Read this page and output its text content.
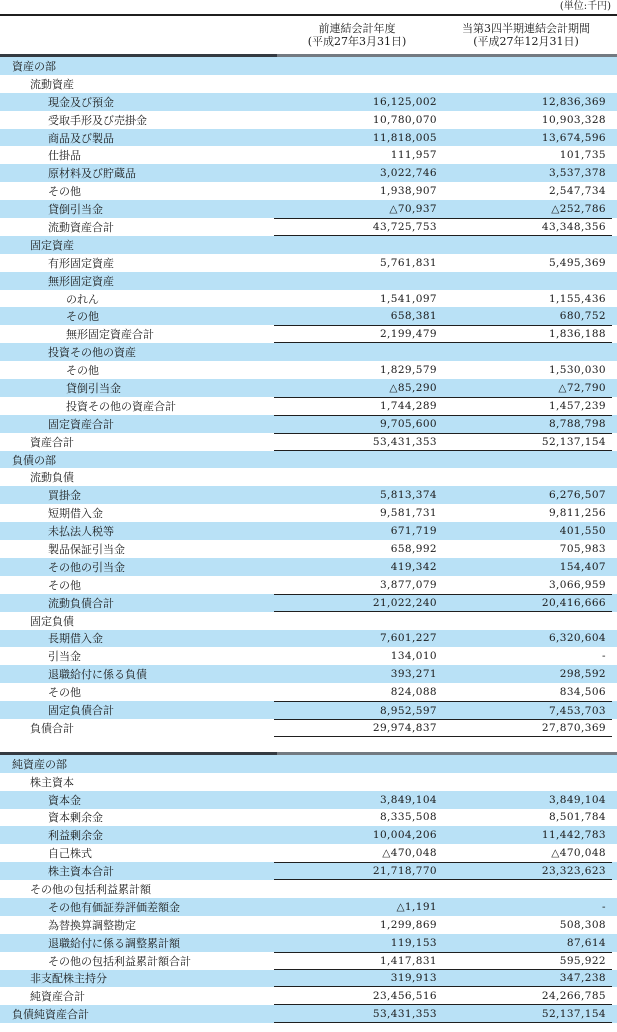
(単位:千円)
前連結会計年度
(平成27年3月31日)
当第3四半期連結会計期間
(平成27年12月31日)
資産の部
流動資産
現金及び預金	16,125,002	12,836,369
受取手形及び売掛金	10,780,070	10,903,328
商品及び製品	11,818,005	13,674,596
仕掛品	111,957	101,735
原材料及び貯蔵品	3,022,746	3,537,378
その他	1,938,907	2,547,734
貸倒引当金	△70,937	△252,786
流動資産合計	43,725,753	43,348,356
固定資産
有形固定資産	5,761,831	5,495,369
無形固定資産
のれん	1,541,097	1,155,436
その他	658,381	680,752
無形固定資産合計	2,199,479	1,836,188
投資その他の資産
その他	1,829,579	1,530,030
貸倒引当金	△85,290	△72,790
投資その他の資産合計	1,744,289	1,457,239
固定資産合計	9,705,600	8,788,798
資産合計	53,431,353	52,137,154
負債の部
流動負債
買掛金	5,813,374	6,276,507
短期借入金	9,581,731	9,811,256
未払法人税等	671,719	401,550
製品保証引当金	658,992	705,983
その他の引当金	419,342	154,407
その他	3,877,079	3,066,959
流動負債合計	21,022,240	20,416,666
固定負債
長期借入金	7,601,227	6,320,604
引当金	134,010	-
退職給付に係る負債	393,271	298,592
その他	824,088	834,506
固定負債合計	8,952,597	7,453,703
負債合計	29,974,837	27,870,369
純資産の部
株主資本
資本金	3,849,104	3,849,104
資本剰余金	8,335,508	8,501,784
利益剰余金	10,004,206	11,442,783
自己株式	△470,048	△470,048
株主資本合計	21,718,770	23,323,623
その他の包括利益累計額
その他有価証券評価差額金	△1,191	-
為替換算調整勘定	1,299,869	508,308
退職給付に係る調整累計額	119,153	87,614
その他の包括利益累計額合計	1,417,831	595,922
非支配株主持分	319,913	347,238
純資産合計	23,456,516	24,266,785
負債純資産合計	53,431,353	52,137,154
